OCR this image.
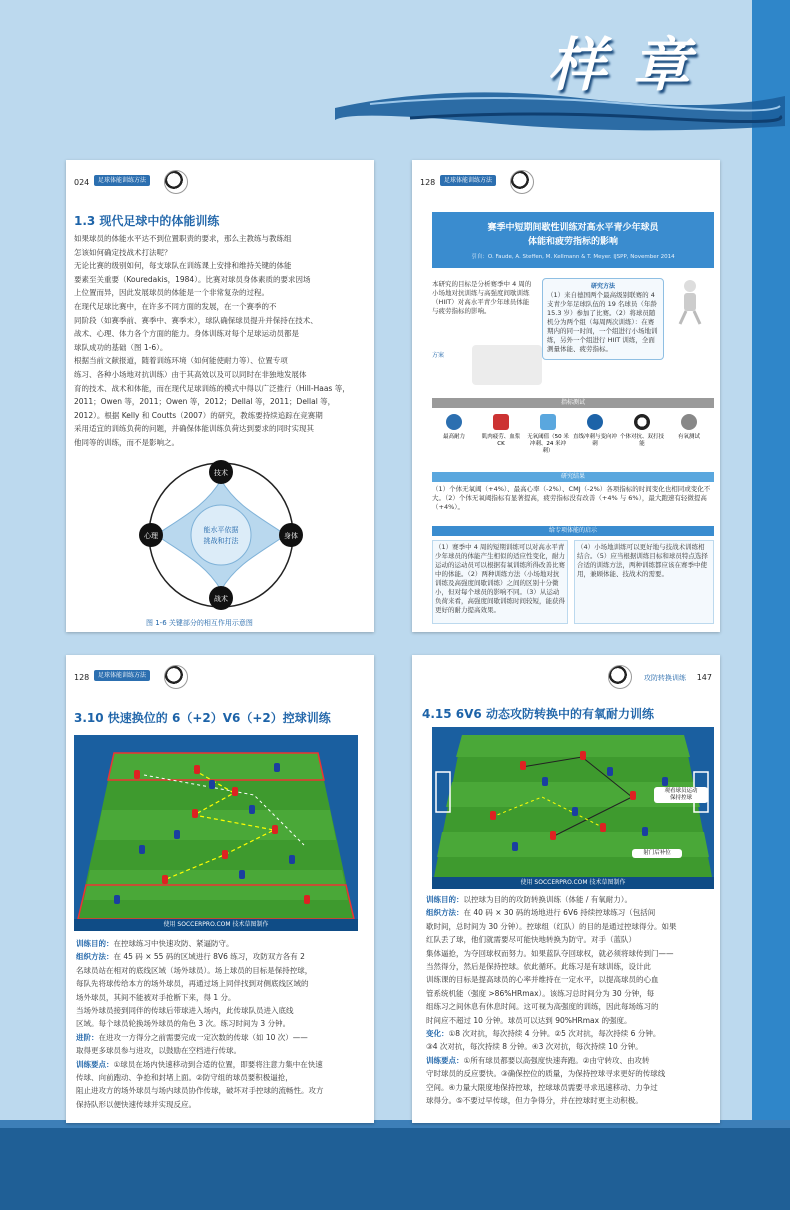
样章
024	足球体能训练方法
1.3 现代足球中的体能训练
如果球员的体能水平达不到位置职责的要求，那么主教练与教练组
怎该如何确定技战术打法呢？
无论比赛的级别如何，每支球队在训练课上安排和维持关键的体能
要素至关重要（Kouredakis，1984）。比赛对球员身体素质的要求因场
上位置而异，因此发展球员的体能是一个非常复杂的过程。
在现代足球比赛中，在许多不同方面的发展，在一个赛季的不
同阶段（如赛季前、赛季中、赛季末），球队确保球员提升并保持在技术、
战术、心理、体力各个方面的能力。身体训练对每个足球运动员都是
球队成功的基础（图 1-6）。
根据当前文献报道，随着训练环境（如何能使耐力等）、位置专项
练习、各种小场地对抗训练）由于其高效以及可以同时在非独地发展体
育的技术、战术和体能，而在现代足球训练的模式中得以广泛推行（Hill-Haas 等，
2011；Owen 等，2011；Owen 等，2012；Dellal 等，2011；Dellal 等，
2012）。根据 Kelly 和 Coutts（2007）的研究，教练要持续追踪在竞赛期
采用适宜的训练负荷的问题，并确保体能训练负荷达到要求的同时实现其
他同等的训练，而不是影响之。
能水平依据
挑战和打法
技术
身体
战术
心理
图 1-6 关键部分的相互作用示意图
128	足球体能训练方法
赛季中短期间歇性训练对高水平青少年球员
体能和疲劳指标的影响
引自：O. Faude, A. Steffen, M. Kellmann & T. Meyer. IJSPP, November 2014
本研究的目标是分析赛季中 4 周的小场地对抗训练与高强度间歇训练（HIIT）对高水平青少年球员体能与疲劳指标的影响。
研究方法
（1）来自德国两个最高级别联赛的 4 支青少年足球队伍的 19 名球员（年龄 15.3 岁）参加了比赛。（2）将球员随机分为两个组（每周两次训练）：在赛期内的同一时间，一个组进行小场地训练，另外一个组进行 HIIT 训练，全面测量体能、疲劳指标。
方案
指标测试
最高耐力	肌肉疲劳、血浆 CK
无氧阈值（50 米冲刺、24 米冲刺）
直线冲刺与变向冲刺
个体对抗、双打技能
有氧测试
研究结果
（1）个体无氧阈（+4%）、最高心率（-2%）、CMJ（-2%）各项指标的时间变化也相同或变化不大。（2）个体无氧阈指标有显著提高，疲劳指标没有改善（+4% 与 6%），最大跑速有轻微提高（+4%）。
给专项体能的启示
（1）赛季中 4 周的短期训练可以对高水平青少年球员的体能产生相似的适应性变化，耐力运动的运动员可以根据有氧训练所得改善比赛中的体能。（2）两种训练方法（小场地对抗训练及高强度间歇训练）之间的区别十分微小，但对每个球员的影响不同。（3）从运动负荷来看，高强度间歇训练时间较短，能获得更好的耐力提高效果。
（4）小场地训练可以更好地与技战术训练相结合。（5）应当根据训练目标和球员特点选择合适的训练方法，两种训练都应该在赛季中使用，兼顾体能、技战术的需要。
128	足球体能训练方法
3.10 快速换位的 6（+2）V6（+2）控球训练
使用 SOCCERPRO.COM 技术草图制作
训练目的：在控球练习中快速攻防、紧逼防守。
组织方法：在 45 码 × 55 码的区域进行 8V6 练习，攻防双方各有 2
名球员站在相对的底线区域（场外球员）。场上球员的目标是保持控球，
每队先将球传给本方的场外球员，再通过场上同伴找到对侧底线区域的
场外球员，其间不能被对手抢断下来，得 1 分。
当场外球员接到同伴的传球后带球进入场内，此传球队员进入底线
区域。每个球员轮换场外球员的角色 3 次。练习时间为 3 分钟。
进阶：在进攻一方得分之前需要完成一定次数的传球（如 10 次）——
取得更多球员参与进攻，以鼓励在空档进行传球。
训练要点：①球员在场内快速移动到合适的位置，即要将注意力集中在快速
传球、向前跑动、争抢和封堵上面。②防守组的球员要积极逼抢，
阻止进攻方的场外球员与场内球员协作传球，破坏对手控球的流畅性。攻方
保持队形以便快速传球并实现反应。
攻防转换训练 147
4.15 6V6 动态攻防转换中的有氧耐力训练
观看球员运动
保持控球
射门后补位
使用 SOCCERPRO.COM 技术草图制作
训练目的：以控球为目的的攻防转换训练（体能 / 有氧耐力）。
组织方法：在 40 码 × 30 码的场地进行 6V6 持续控球练习（包括间
歇时间，总时间为 30 分钟）。控球组（红队）的目的是通过控球得分。如果
红队丢了球，他们就需要尽可能快地转换为防守。对手（蓝队）
集体逼抢，为夺回球权而努力。如果蓝队夺回球权，就必须将球传到门——
当然得分，然后是保持控球。依此循环。此练习是有球训练，设计此
训练课的目标是提高球员的心率并维持在一定水平，以提高球员的心血
管系统机能（强度 >86%HRmax）。该练习总时间分为 30 分钟，每
组练习之间休息有休息时间。这可视为高强度的训练，因此每场练习的
时间应不超过 10 分钟。球员可以达到 90%HRmax 的强度。
变化：①8 次对抗，每次持续 4 分钟。②5 次对抗，每次持续 6 分钟。
③4 次对抗，每次持续 8 分钟。④3 次对抗，每次持续 10 分钟。
训练要点：①所有球员都要以高强度快速奔跑。②由守转攻、由攻转
守时球员的反应要快。③确保控位的质量，为保持控球寻求更好的传球线
空间。④力量大限度地保持控球，控球球员需要寻求迅速移动、力争过
球得分。⑤不要过早传球，但力争得分，并在控球时更主动积极。
